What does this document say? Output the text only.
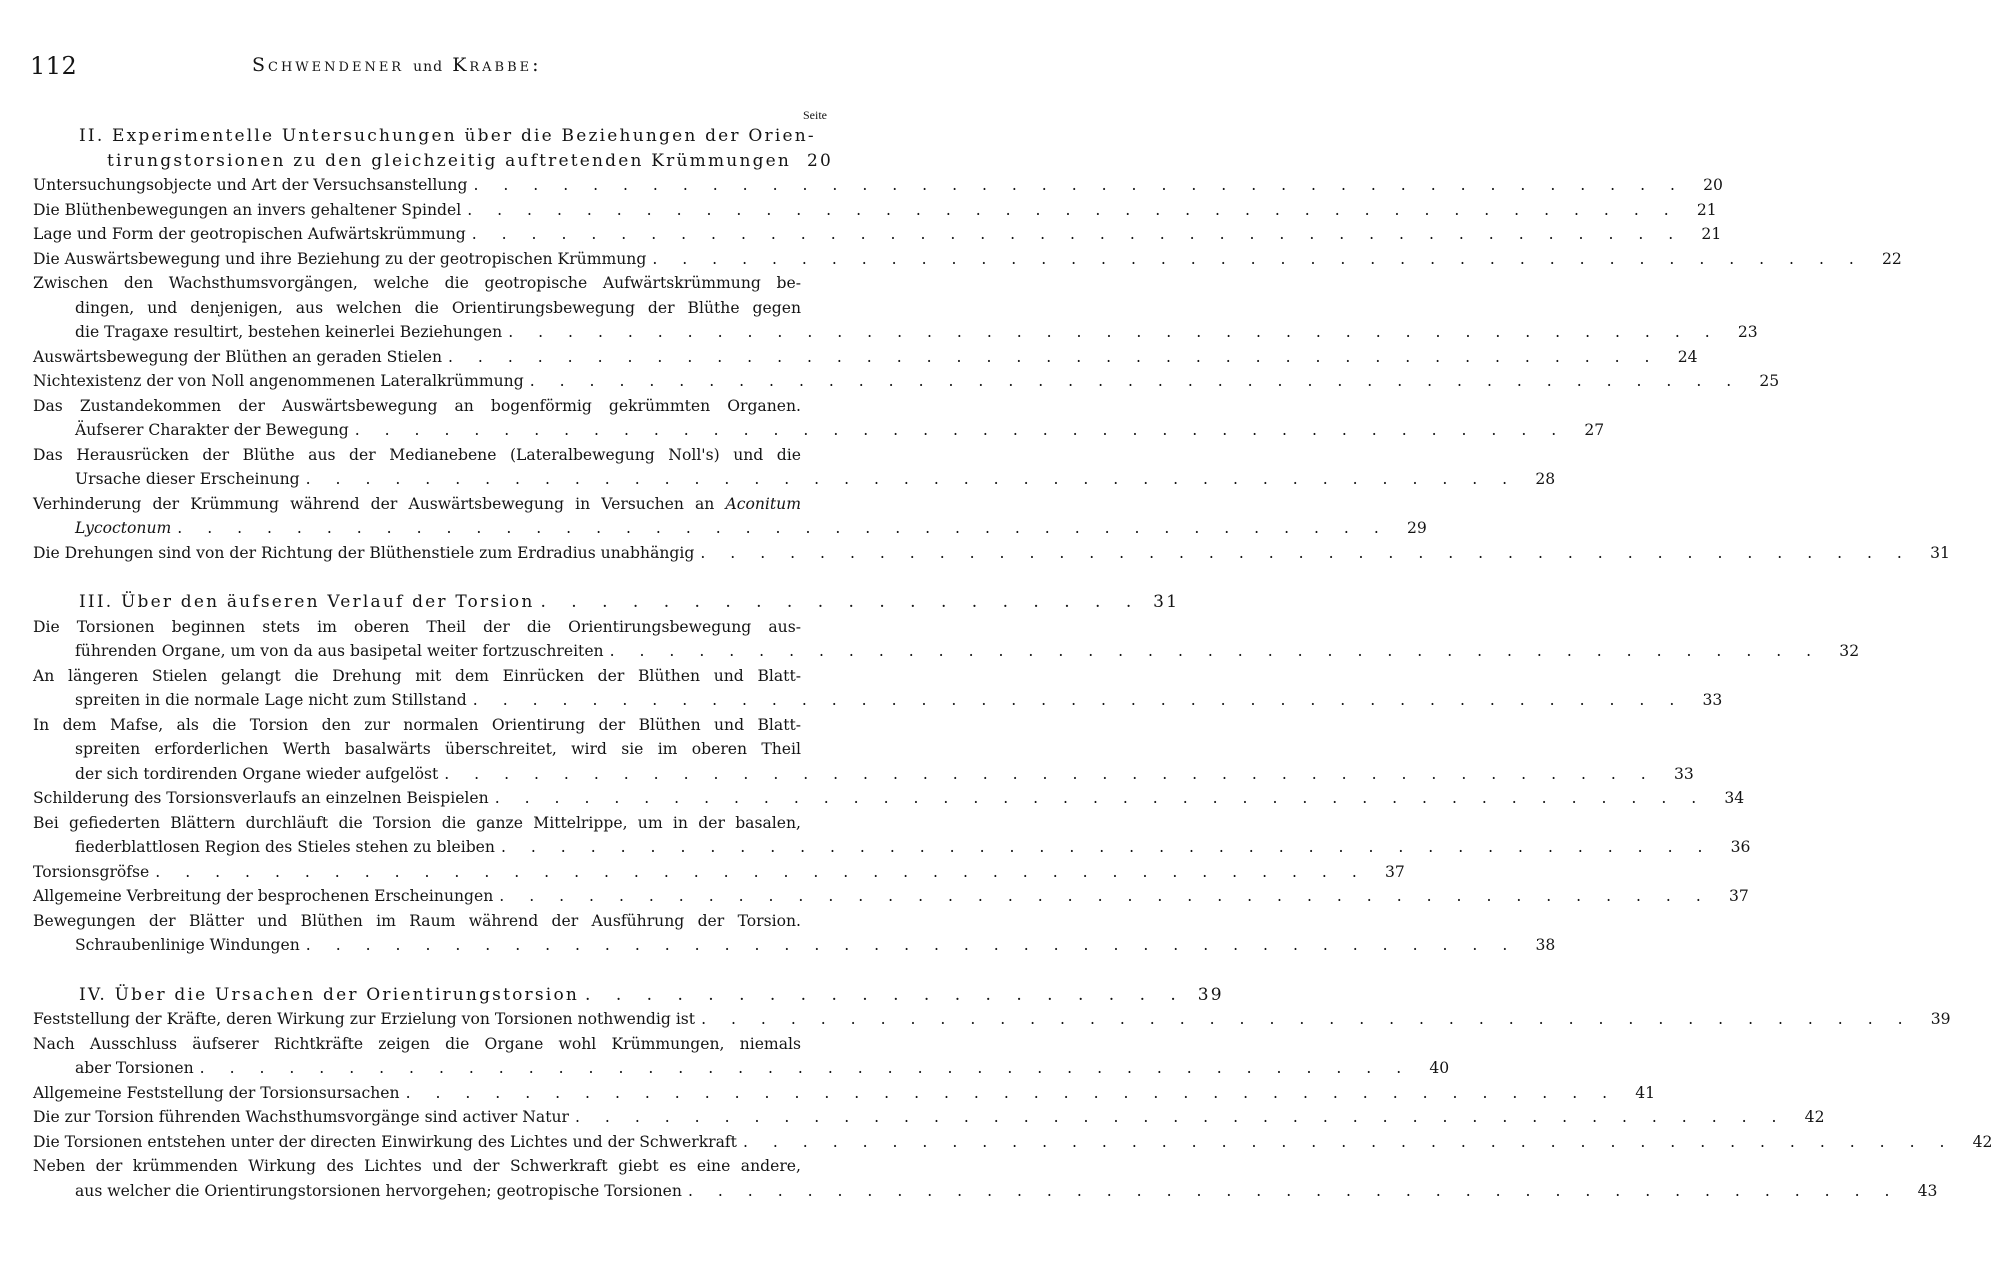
112	Schwendener und Krabbe:
Seite
II. Experimentelle Untersuchungen über die Beziehungen der Orien-
tirungstorsionen zu den gleichzeitig auftretenden Krümmungen 20
Untersuchungsobjecte und Art der Versuchsanstellung . . . . . . . . . . . . . . . . . . . . . . . . . . . . . . . . . . . . . . . . .	20
Die Blüthenbewegungen an invers gehaltener Spindel . . . . . . . . . . . . . . . . . . . . . . . . . . . . . . . . . . . . . . . . .	21
Lage und Form der geotropischen Aufwärtskrümmung . . . . . . . . . . . . . . . . . . . . . . . . . . . . . . . . . . . . . . . . .	21
Die Auswärtsbewegung und ihre Beziehung zu der geotropischen Krümmung . . . . . . . . . . . . . . . . . . . . . . . . . . . . . . . . . . . . . . . . .	22
Zwischen den Wachsthumsvorgängen, welche die geotropische Aufwärtskrümmung be-
dingen, und denjenigen, aus welchen die Orientirungsbewegung der Blüthe gegen
die Tragaxe resultirt, bestehen keinerlei Beziehungen . . . . . . . . . . . . . . . . . . . . . . . . . . . . . . . . . . . . . . . . .	23
Auswärtsbewegung der Blüthen an geraden Stielen . . . . . . . . . . . . . . . . . . . . . . . . . . . . . . . . . . . . . . . . .	24
Nichtexistenz der von Noll angenommenen Lateralkrümmung . . . . . . . . . . . . . . . . . . . . . . . . . . . . . . . . . . . . . . . . .	25
Das Zustandekommen der Auswärtsbewegung an bogenförmig gekrümmten Organen.
Äufserer Charakter der Bewegung . . . . . . . . . . . . . . . . . . . . . . . . . . . . . . . . . . . . . . . . .	27
Das Herausrücken der Blüthe aus der Medianebene (Lateralbewegung Noll's) und die
Ursache dieser Erscheinung . . . . . . . . . . . . . . . . . . . . . . . . . . . . . . . . . . . . . . . . .	28
Verhinderung der Krümmung während der Auswärtsbewegung in Versuchen an Aconitum
Lycoctonum . . . . . . . . . . . . . . . . . . . . . . . . . . . . . . . . . . . . . . . . .	29
Die Drehungen sind von der Richtung der Blüthenstiele zum Erdradius unabhängig . . . . . . . . . . . . . . . . . . . . . . . . . . . . . . . . . . . . . . . . .	31
III. Über den äufseren Verlauf der Torsion . . . . . . . . . . . . . . . . . . . . 31
Die Torsionen beginnen stets im oberen Theil der die Orientirungsbewegung aus-
führenden Organe, um von da aus basipetal weiter fortzuschreiten . . . . . . . . . . . . . . . . . . . . . . . . . . . . . . . . . . . . . . . . .	32
An längeren Stielen gelangt die Drehung mit dem Einrücken der Blüthen und Blatt-
spreiten in die normale Lage nicht zum Stillstand . . . . . . . . . . . . . . . . . . . . . . . . . . . . . . . . . . . . . . . . .	33
In dem Mafse, als die Torsion den zur normalen Orientirung der Blüthen und Blatt-
spreiten erforderlichen Werth basalwärts überschreitet, wird sie im oberen Theil
der sich tordirenden Organe wieder aufgelöst . . . . . . . . . . . . . . . . . . . . . . . . . . . . . . . . . . . . . . . . .	33
Schilderung des Torsionsverlaufs an einzelnen Beispielen . . . . . . . . . . . . . . . . . . . . . . . . . . . . . . . . . . . . . . . . .	34
Bei gefiederten Blättern durchläuft die Torsion die ganze Mittelrippe, um in der basalen,
fiederblattlosen Region des Stieles stehen zu bleiben . . . . . . . . . . . . . . . . . . . . . . . . . . . . . . . . . . . . . . . . .	36
Torsionsgröfse . . . . . . . . . . . . . . . . . . . . . . . . . . . . . . . . . . . . . . . . .	37
Allgemeine Verbreitung der besprochenen Erscheinungen . . . . . . . . . . . . . . . . . . . . . . . . . . . . . . . . . . . . . . . . .	37
Bewegungen der Blätter und Blüthen im Raum während der Ausführung der Torsion.
Schraubenlinige Windungen . . . . . . . . . . . . . . . . . . . . . . . . . . . . . . . . . . . . . . . . .	38
IV. Über die Ursachen der Orientirungstorsion . . . . . . . . . . . . . . . . . . . . 39
Feststellung der Kräfte, deren Wirkung zur Erzielung von Torsionen nothwendig ist . . . . . . . . . . . . . . . . . . . . . . . . . . . . . . . . . . . . . . . . .	39
Nach Ausschluss äufserer Richtkräfte zeigen die Organe wohl Krümmungen, niemals
aber Torsionen . . . . . . . . . . . . . . . . . . . . . . . . . . . . . . . . . . . . . . . . .	40
Allgemeine Feststellung der Torsionsursachen . . . . . . . . . . . . . . . . . . . . . . . . . . . . . . . . . . . . . . . . .	41
Die zur Torsion führenden Wachsthumsvorgänge sind activer Natur . . . . . . . . . . . . . . . . . . . . . . . . . . . . . . . . . . . . . . . . .	42
Die Torsionen entstehen unter der directen Einwirkung des Lichtes und der Schwerkraft . . . . . . . . . . . . . . . . . . . . . . . . . . . . . . . . . . . . . . . . .	42
Neben der krümmenden Wirkung des Lichtes und der Schwerkraft giebt es eine andere,
aus welcher die Orientirungstorsionen hervorgehen; geotropische Torsionen . . . . . . . . . . . . . . . . . . . . . . . . . . . . . . . . . . . . . . . . .	43
